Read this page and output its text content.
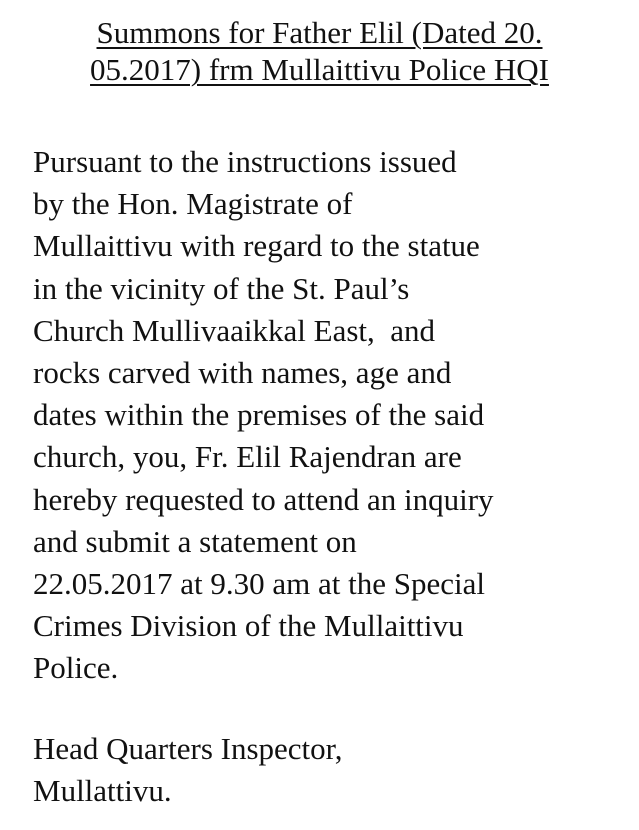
Summons for Father Elil (Dated 20.
05.2017) frm Mullaittivu Police HQI

Pursuant to the instructions issued
by the Hon. Magistrate of
Mullaittivu with regard to the statue
in the vicinity of the St. Paul’s
Church Mullivaaikkal East,  and
rocks carved with names, age and
dates within the premises of the said
church, you, Fr. Elil Rajendran are
hereby requested to attend an inquiry
and submit a statement on
22.05.2017 at 9.30 am at the Special
Crimes Division of the Mullaittivu
Police.

Head Quarters Inspector,
Mullattivu.
